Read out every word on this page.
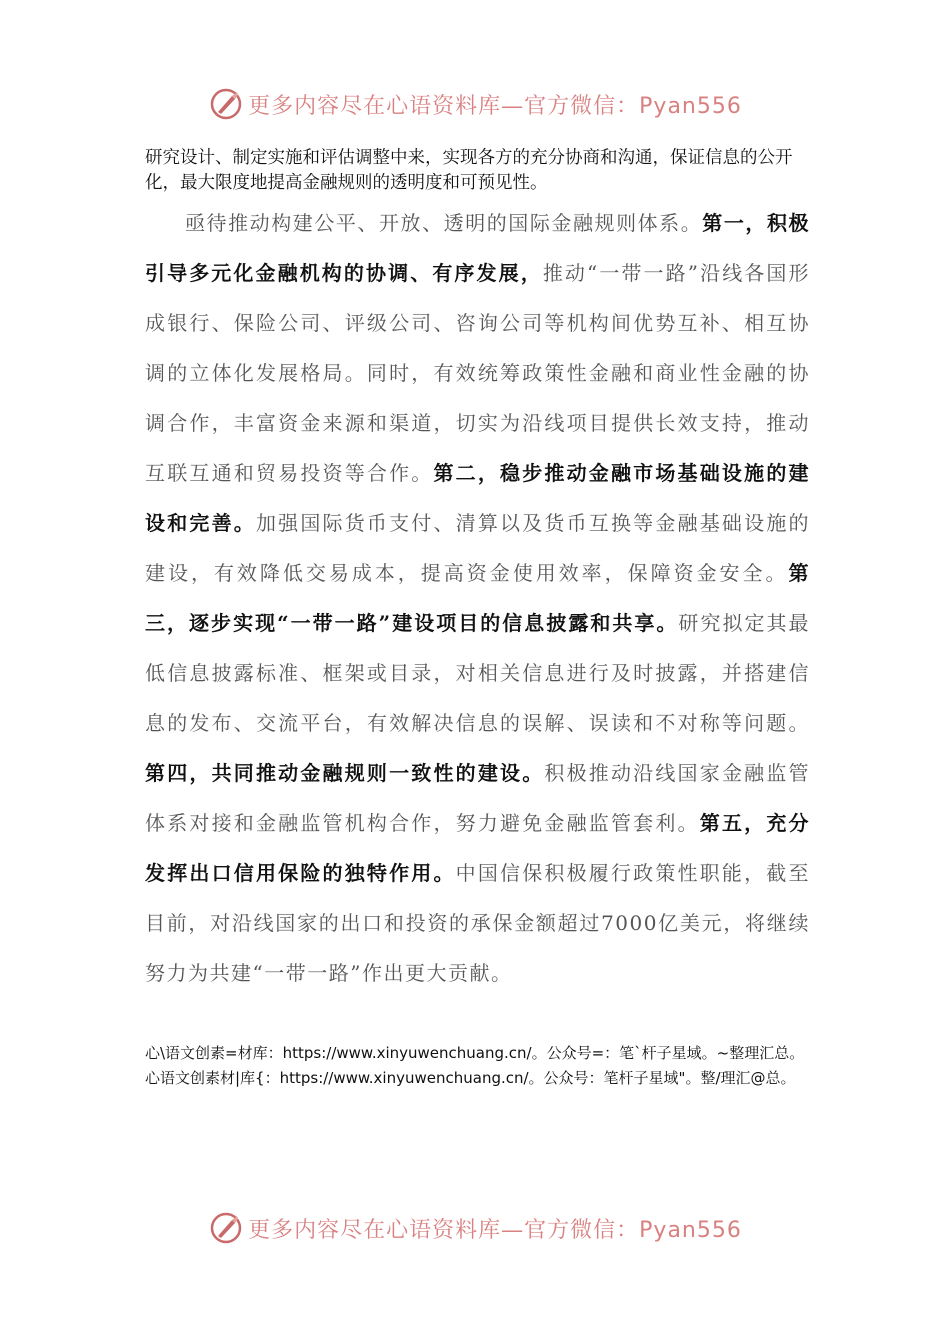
更多内容尽在心语资料库—官方微信：Pyan556

研究设计、制定实施和评估调整中来，实现各方的充分协商和沟通，保证信息的公开化，最大限度地提高金融规则的透明度和可预见性。

亟待推动构建公平、开放、透明的国际金融规则体系。第一，积极引导多元化金融机构的协调、有序发展，推动“一带一路”沿线各国形成银行、保险公司、评级公司、咨询公司等机构间优势互补、相互协调的立体化发展格局。同时，有效统筹政策性金融和商业性金融的协调合作，丰富资金来源和渠道，切实为沿线项目提供长效支持，推动互联互通和贸易投资等合作。第二，稳步推动金融市场基础设施的建设和完善。加强国际货币支付、清算以及货币互换等金融基础设施的建设，有效降低交易成本，提高资金使用效率，保障资金安全。第三，逐步实现“一带一路”建设项目的信息披露和共享。研究拟定其最低信息披露标准、框架或目录，对相关信息进行及时披露，并搭建信息的发布、交流平台，有效解决信息的误解、误读和不对称等问题。第四，共同推动金融规则一致性的建设。积极推动沿线国家金融监管体系对接和金融监管机构合作，努力避免金融监管套利。第五，充分发挥出口信用保险的独特作用。中国信保积极履行政策性职能，截至目前，对沿线国家的出口和投资的承保金额超过7000亿美元，将继续努力为共建“一带一路”作出更大贡献。

心\语文创素=材库：https://www.xinyuwenchuang.cn/。公众号=：笔`杆子星域。~整理汇总。

心语文创素材|库{：https://www.xinyuwenchuang.cn/。公众号：笔杆子星域"。整/理汇@总。

更多内容尽在心语资料库—官方微信：Pyan556
